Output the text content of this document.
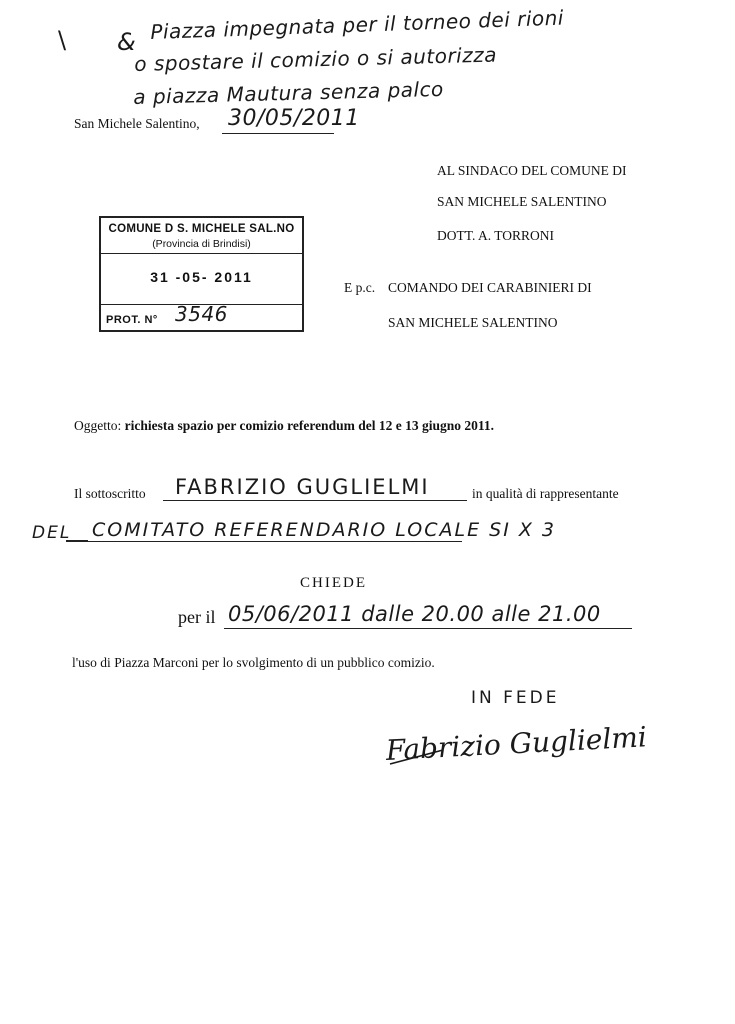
\ & Piazza impegnata per il torneo dei rioni
o spostare il comizio o si autorizza
a piazza Mautura senza palco
San Michele Salentino, 30/05/2011
AL SINDACO DEL COMUNE DI
SAN MICHELE SALENTINO
DOTT. A. TORRONI
COMUNE D S. MICHELE SAL.NO
(Provincia di Brindisi)
31 -05- 2011
PROT. N° 3546
E p.c. COMANDO DEI CARABINIERI DI
SAN MICHELE SALENTINO
Oggetto: richiesta spazio per comizio referendum del 12 e 13 giugno 2011.
Il sottoscritto FABRIZIO GUGLIELMI	in qualità di rappresentante
DEL COMITATO REFERENDARIO LOCALE SI X 3
CHIEDE
per il 05/06/2011 dalle 20.00 alle 21.00
l'uso di Piazza Marconi per lo svolgimento di un pubblico comizio.
IN FEDE
Fabrizio Guglielmi
